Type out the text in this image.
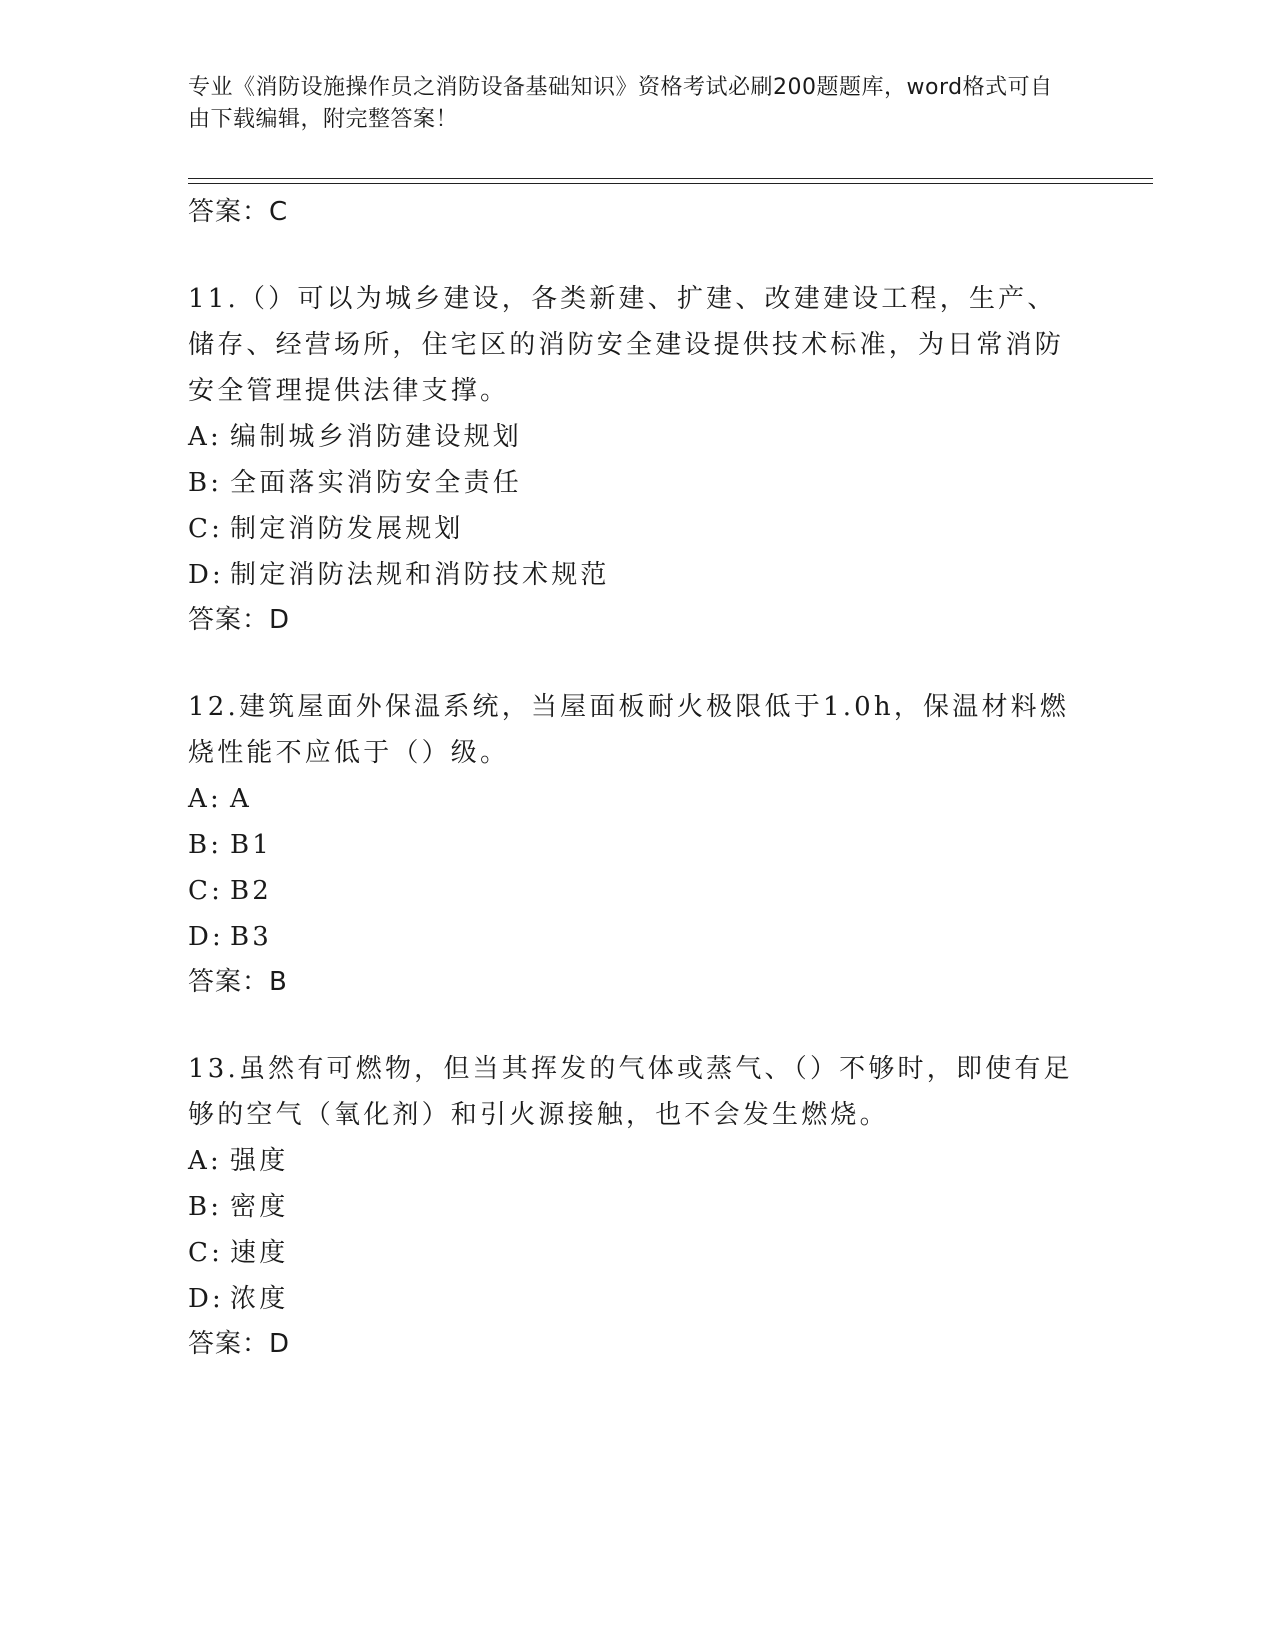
专业《消防设施操作员之消防设备基础知识》资格考试必刷200题题库，word格式可自由下载编辑，附完整答案！
答案：C

11.（）可以为城乡建设，各类新建、扩建、改建建设工程，生产、储存、经营场所，住宅区的消防安全建设提供技术标准，为日常消防安全管理提供法律支撑。

A: 编制城乡消防建设规划
B: 全面落实消防安全责任
C: 制定消防发展规划
D: 制定消防法规和消防技术规范
答案：D

12.建筑屋面外保温系统，当屋面板耐火极限低于1.0h，保温材料燃烧性能不应低于（）级。

A: A
B: B1
C: B2
D: B3
答案：B

13.虽然有可燃物，但当其挥发的气体或蒸气、（）不够时，即使有足够的空气（氧化剂）和引火源接触，也不会发生燃烧。

A: 强度
B: 密度
C: 速度
D: 浓度
答案：D
